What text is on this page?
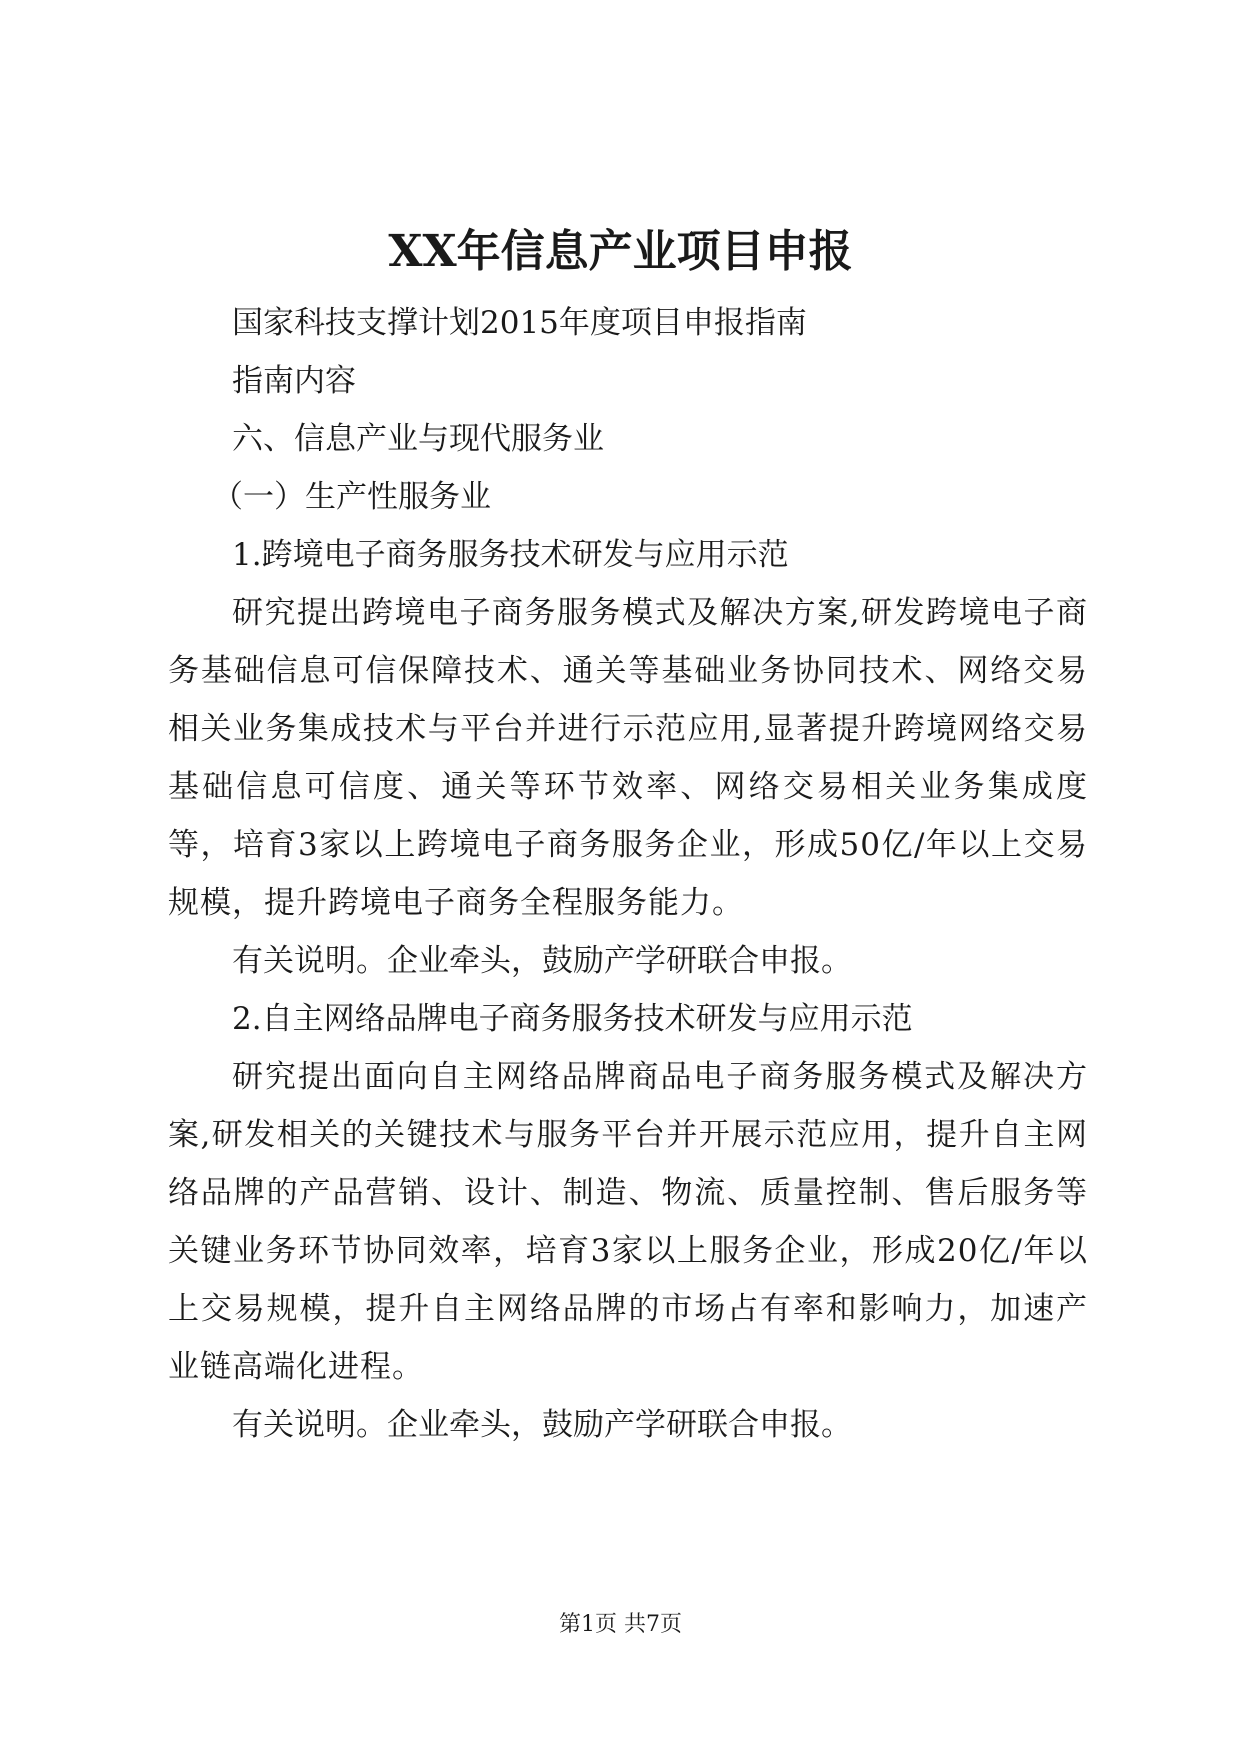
XX年信息产业项目申报

国家科技支撑计划2015年度项目申报指南

指南内容

六、信息产业与现代服务业

（一）生产性服务业

1.跨境电子商务服务技术研发与应用示范

研究提出跨境电子商务服务模式及解决方案,研发跨境电子商务基础信息可信保障技术、通关等基础业务协同技术、网络交易相关业务集成技术与平台并进行示范应用,显著提升跨境网络交易基础信息可信度、通关等环节效率、网络交易相关业务集成度等，培育3家以上跨境电子商务服务企业，形成50亿/年以上交易规模，提升跨境电子商务全程服务能力。

有关说明。企业牵头，鼓励产学研联合申报。

2.自主网络品牌电子商务服务技术研发与应用示范

研究提出面向自主网络品牌商品电子商务服务模式及解决方案,研发相关的关键技术与服务平台并开展示范应用，提升自主网络品牌的产品营销、设计、制造、物流、质量控制、售后服务等关键业务环节协同效率，培育3家以上服务企业，形成20亿/年以上交易规模，提升自主网络品牌的市场占有率和影响力，加速产业链高端化进程。

有关说明。企业牵头，鼓励产学研联合申报。

第1页 共7页
